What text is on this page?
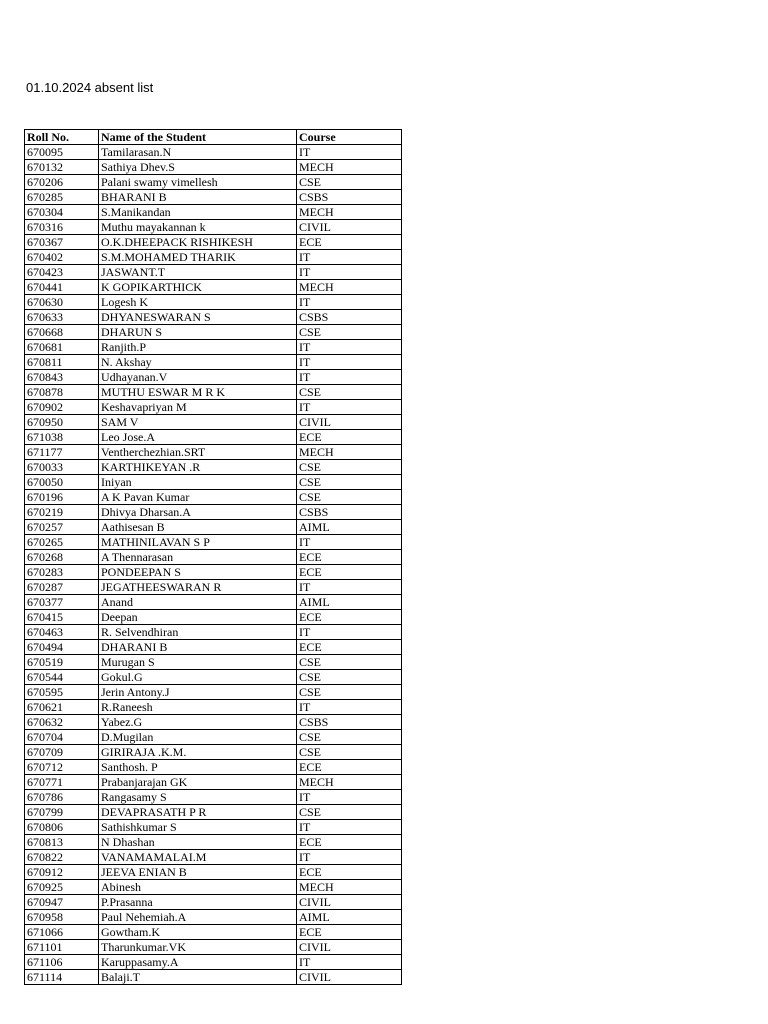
01.10.2024 absent list
Roll No.	Name of the Student	Course
670095	Tamilarasan.N	IT
670132	Sathiya Dhev.S	MECH
670206	Palani swamy vimellesh	CSE
670285	BHARANI B	CSBS
670304	S.Manikandan	MECH
670316	Muthu mayakannan k	CIVIL
670367	O.K.DHEEPACK RISHIKESH	ECE
670402	S.M.MOHAMED THARIK	IT
670423	JASWANT.T	IT
670441	K GOPIKARTHICK	MECH
670630	Logesh K	IT
670633	DHYANESWARAN S	CSBS
670668	DHARUN S	CSE
670681	Ranjith.P	IT
670811	N. Akshay	IT
670843	Udhayanan.V	IT
670878	MUTHU ESWAR M R K	CSE
670902	Keshavapriyan M	IT
670950	SAM V	CIVIL
671038	Leo Jose.A	ECE
671177	Ventherchezhian.SRT	MECH
670033	KARTHIKEYAN .R	CSE
670050	Iniyan	CSE
670196	A K Pavan Kumar	CSE
670219	Dhivya Dharsan.A	CSBS
670257	Aathisesan B	AIML
670265	MATHINILAVAN S P	IT
670268	A Thennarasan	ECE
670283	PONDEEPAN S	ECE
670287	JEGATHEESWARAN R	IT
670377	Anand	AIML
670415	Deepan	ECE
670463	R. Selvendhiran	IT
670494	DHARANI B	ECE
670519	Murugan S	CSE
670544	Gokul.G	CSE
670595	Jerin Antony.J	CSE
670621	R.Raneesh	IT
670632	Yabez.G	CSBS
670704	D.Mugilan	CSE
670709	GIRIRAJA .K.M.	CSE
670712	Santhosh. P	ECE
670771	Prabanjarajan GK	MECH
670786	Rangasamy S	IT
670799	DEVAPRASATH P R	CSE
670806	Sathishkumar S	IT
670813	N Dhashan	ECE
670822	VANAMAMALAI.M	IT
670912	JEEVA ENIAN B	ECE
670925	Abinesh	MECH
670947	P.Prasanna	CIVIL
670958	Paul Nehemiah.A	AIML
671066	Gowtham.K	ECE
671101	Tharunkumar.VK	CIVIL
671106	Karuppasamy.A	IT
671114	Balaji.T	CIVIL
